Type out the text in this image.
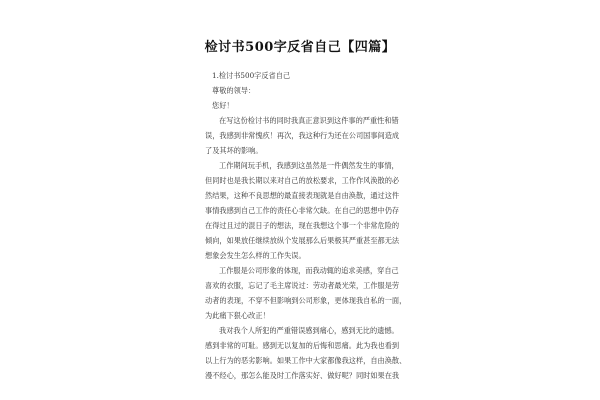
检讨书500字反省自己【四篇】
1.检讨书500字反省自己
尊敬的领导：
您好！
在写这份检讨书的同时我真正意识到这件事的严重性和错
误，我感到非常愧疚！再次，我这种行为还在公司国事间造成
了及其坏的影响。
工作期间玩手机，我感到这虽然是一件偶然发生的事情，
但同时也是我长期以来对自己的放松要求，工作作风涣散的必
然结果，这种不良思想的最直接表现就是自由涣散，通过这件
事情我感到自己工作的责任心非常欠缺。在自己的思想中仍存
在得过且过的混日子的想法，现在我想这个事一个非常危险的
倾向，如果放任继续放纵个发展那么后果极其严重甚至都无法
想象会发生怎么样的工作失误。
工作服是公司形象的体现，而我动辄的追求美感，穿自己
喜欢的衣服，忘记了毛主席说过：劳动者最光荣，工作服是劳
动者的表现，不穿不但影响到公司形象，更体现我自私的一面，
为此痛下狠心改正！
我对我个人所犯的严重错误感到痛心，感到无比的遗憾。
感到非常的可耻。感到无以复加的后悔和思痛。此为我也看到
以上行为的恶劣影响。如果工作中大家都像我这样，自由涣散、
漫不经心，那怎么能及时工作落实好、做好呢？同时如果在我
